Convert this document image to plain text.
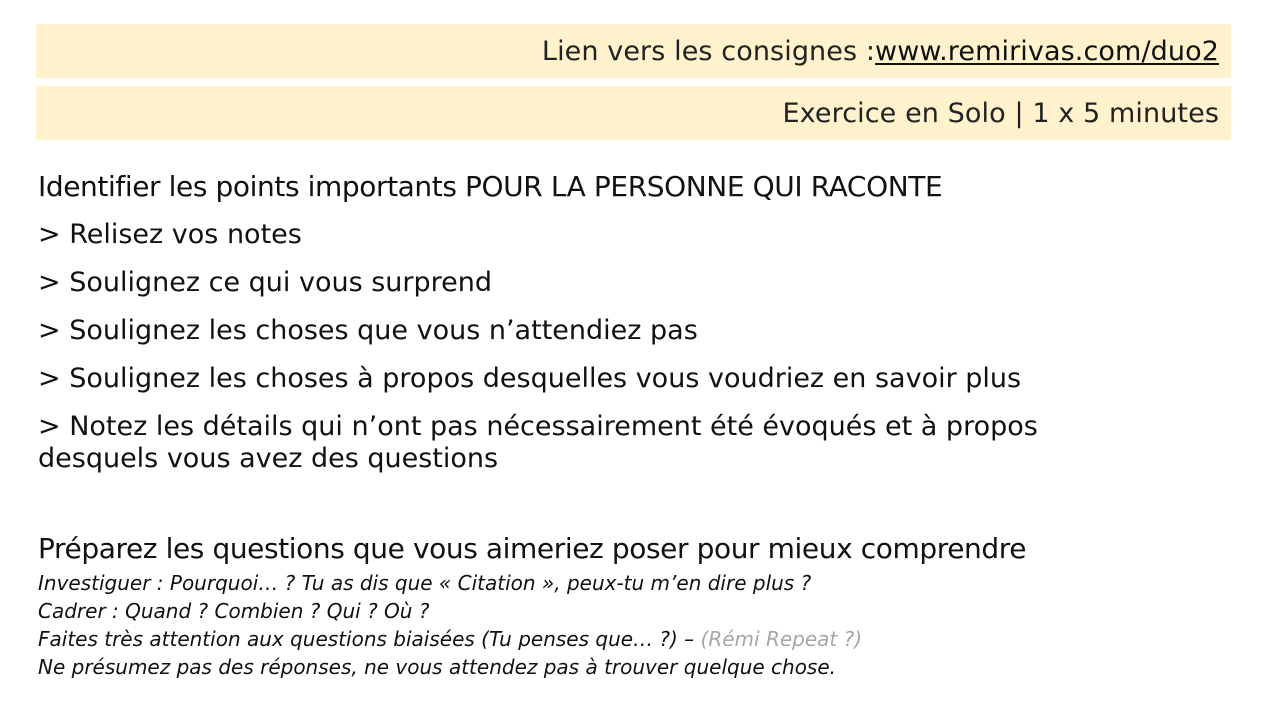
Lien vers les consignes : www.remirivas.com/duo2
Exercice en Solo | 1 x 5 minutes
Identifier les points importants POUR LA PERSONNE QUI RACONTE
> Relisez vos notes
> Soulignez ce qui vous surprend
> Soulignez les choses que vous n’attendiez pas
> Soulignez les choses à propos desquelles vous voudriez en savoir plus
> Notez les détails qui n’ont pas nécessairement été évoqués et à propos desquels vous avez des questions
Préparez les questions que vous aimeriez poser pour mieux comprendre
Investiguer : Pourquoi… ? Tu as dis que « Citation », peux-tu m’en dire plus ?
Cadrer : Quand ? Combien ? Qui ? Où ?
Faites très attention aux questions biaisées (Tu penses que… ?) – (Rémi Repeat ?)
Ne présumez pas des réponses, ne vous attendez pas à trouver quelque chose.
